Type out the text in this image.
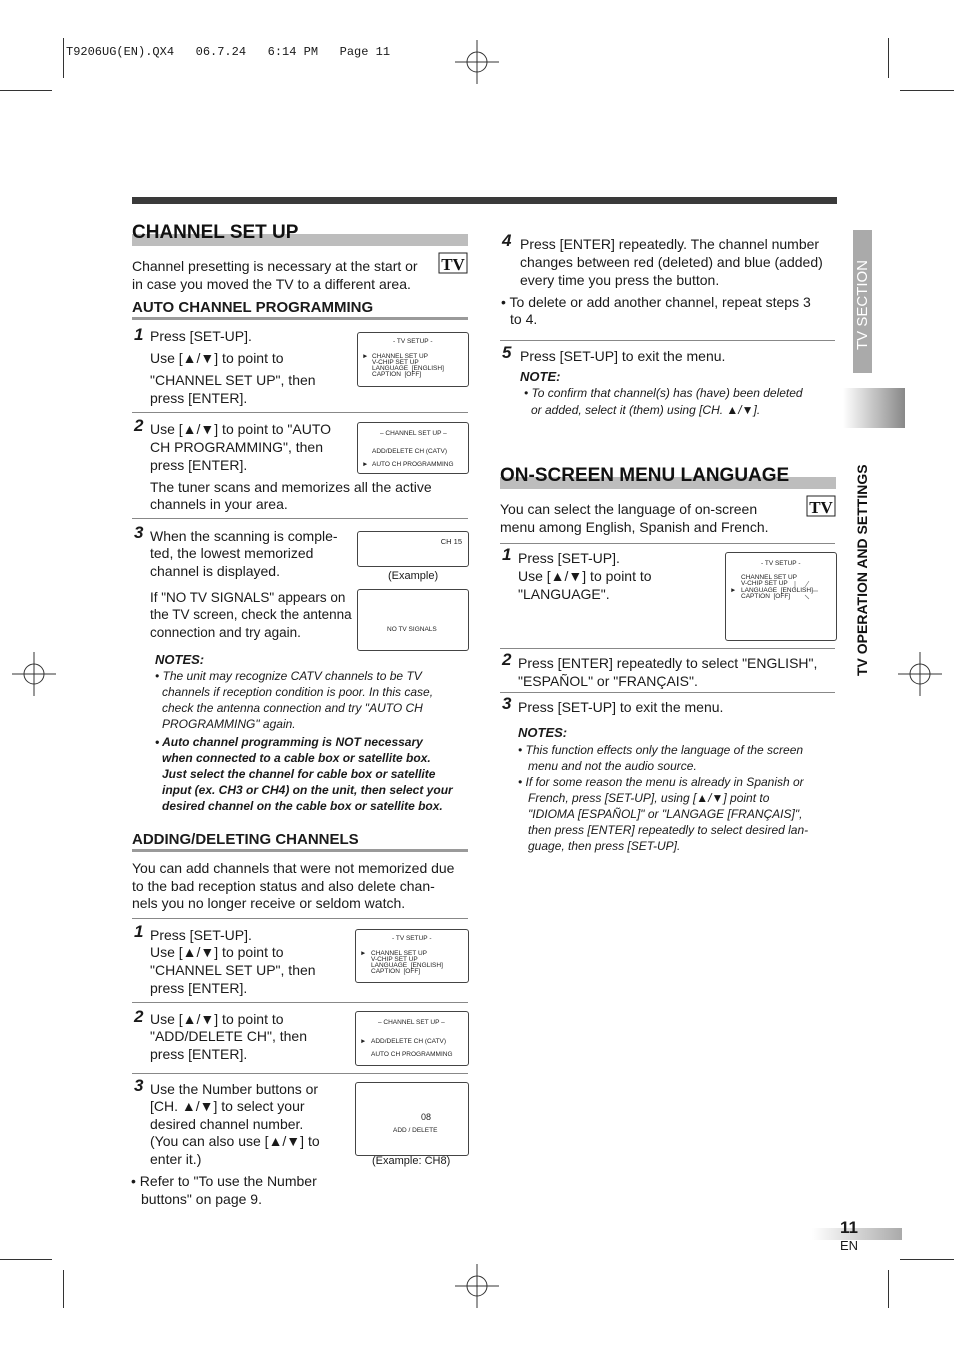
T9206UG(EN).QX4   06.7.24   6:14 PM   Page 11
TV SECTION
TV OPERATION AND SETTINGS
CHANNEL SET UP
Channel presetting is necessary at the start or in case you moved the TV to a different area.
TV
AUTO CHANNEL PROGRAMMING
1 Press [SET-UP].
Use [▲/▼] to point to
"CHANNEL SET UP", then
press [ENTER].
- TV SETUP -
► CHANNEL SET UP
V-CHIP SET UP
LANGUAGE  [ENGLISH]
CAPTION  [OFF]
2 Use [▲/▼] to point to "AUTO
CH PROGRAMMING", then
press [ENTER].
– CHANNEL SET UP –
ADD/DELETE CH (CATV)
► AUTO CH PROGRAMMING
The tuner scans and memorizes all the active
channels in your area.
3 When the scanning is comple-
ted, the lowest memorized
channel is displayed.
CH 15
(Example)
If "NO TV SIGNALS" appears on
the TV screen, check the antenna
connection and try again.	NO TV SIGNALS
NOTES:
• The unit may recognize CATV channels to be TV
channels if reception condition is poor. In this case,
check the antenna connection and try "AUTO CH
PROGRAMMING" again.
• Auto channel programming is NOT necessary
when connected to a cable box or satellite box.
Just select the channel for cable box or satellite
input (ex. CH3 or CH4) on the unit, then select your
desired channel on the cable box or satellite box.
ADDING/DELETING CHANNELS
You can add channels that were not memorized due
to the bad reception status and also delete chan-
nels you no longer receive or seldom watch.
1 Press [SET-UP].
Use [▲/▼] to point to
"CHANNEL SET UP", then
press [ENTER].
- TV SETUP -
► CHANNEL SET UP
V-CHIP SET UP
LANGUAGE  [ENGLISH]
CAPTION  [OFF]
2 Use [▲/▼] to point to
"ADD/DELETE CH", then
press [ENTER].
– CHANNEL SET UP –
► ADD/DELETE CH (CATV)
AUTO CH PROGRAMMING
3 Use the Number buttons or
[CH. ▲/▼] to select your
desired channel number.
(You can also use [▲/▼] to
enter it.)
08
ADD / DELETE
(Example: CH8)
• Refer to "To use the Number
buttons" on page 9.
4 Press [ENTER] repeatedly. The channel number
changes between red (deleted) and blue (added)
every time you press the button.
• To delete or add another channel, repeat steps 3
to 4.
5 Press [SET-UP] to exit the menu.
NOTE:
• To confirm that channel(s) has (have) been deleted
or added, select it (them) using [CH. ▲/▼].
ON-SCREEN MENU LANGUAGE
You can select the language of on-screen
menu among English, Spanish and French.
TV
1 Press [SET-UP].
Use [▲/▼] to point to
"LANGUAGE".
- TV SETUP -
CHANNEL SET UP
V-CHIP SET UP
► LANGUAGE  [ENGLISH]
CAPTION  [OFF]
2 Press [ENTER] repeatedly to select "ENGLISH",
"ESPAÑOL" or "FRANÇAIS".
3 Press [SET-UP] to exit the menu.
NOTES:
• This function effects only the language of the screen
menu and not the audio source.
• If for some reason the menu is already in Spanish or
French, press [SET-UP], using [▲/▼] point to
"IDIOMA [ESPAÑOL]" or "LANGAGE [FRANÇAIS]",
then press [ENTER] repeatedly to select desired lan-
guage, then press [SET-UP].
11
EN
